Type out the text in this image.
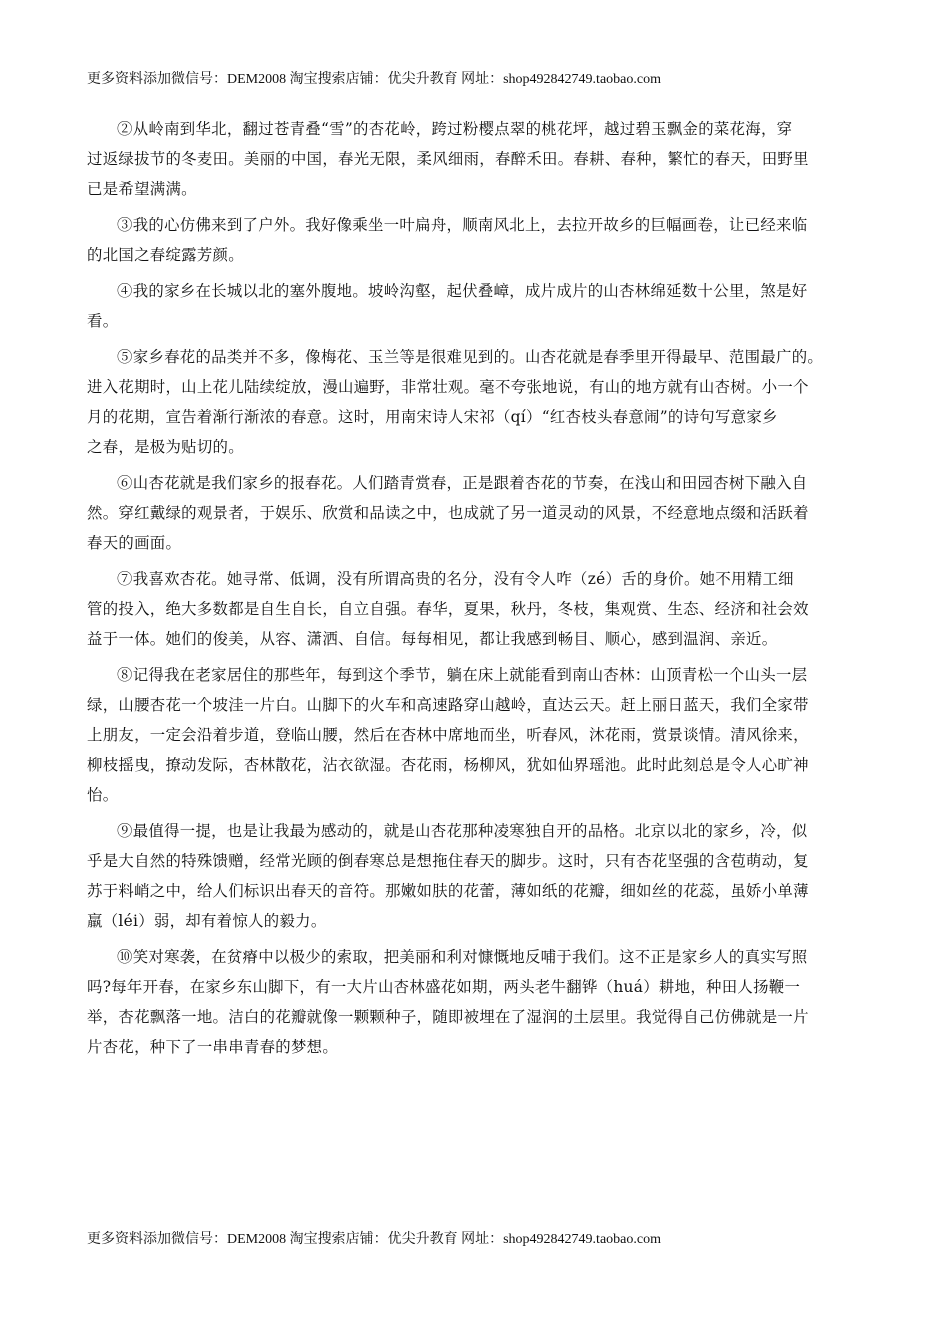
更多资料添加微信号：DEM2008 淘宝搜索店铺：优尖升教育 网址：shop492842749.taobao.com
②从岭南到华北，翻过苍青叠“雪”的杏花岭，跨过粉樱点翠的桃花坪，越过碧玉飘金的菜花海，穿
过返绿拔节的冬麦田。美丽的中国，春光无限，柔风细雨，春醉禾田。春耕、春种，繁忙的春天，田野里
已是希望满满。
③我的心仿佛来到了户外。我好像乘坐一叶扁舟，顺南风北上，去拉开故乡的巨幅画卷，让已经来临
的北国之春绽露芳颜。
④我的家乡在长城以北的塞外腹地。坡岭沟壑，起伏叠嶂，成片成片的山杏林绵延数十公里，煞是好
看。
⑤家乡春花的品类并不多，像梅花、玉兰等是很难见到的。山杏花就是春季里开得最早、范围最广的。
进入花期时，山上花儿陆续绽放，漫山遍野，非常壮观。毫不夸张地说，有山的地方就有山杏树。小一个
月的花期，宣告着渐行渐浓的春意。这时，用南宋诗人宋祁（qí）“红杏枝头春意闹”的诗句写意家乡
之春，是极为贴切的。
⑥山杏花就是我们家乡的报春花。人们踏青赏春，正是跟着杏花的节奏，在浅山和田园杏树下融入自
然。穿红戴绿的观景者，于娱乐、欣赏和品读之中，也成就了另一道灵动的风景，不经意地点缀和活跃着
春天的画面。
⑦我喜欢杏花。她寻常、低调，没有所谓高贵的名分，没有令人咋（zé）舌的身价。她不用精工细
管的投入，绝大多数都是自生自长，自立自强。春华，夏果，秋丹，冬枝，集观赏、生态、经济和社会效
益于一体。她们的俊美，从容、潇洒、自信。每每相见，都让我感到畅目、顺心，感到温润、亲近。
⑧记得我在老家居住的那些年，每到这个季节，躺在床上就能看到南山杏林：山顶青松一个山头一层
绿，山腰杏花一个坡洼一片白。山脚下的火车和高速路穿山越岭，直达云天。赶上丽日蓝天，我们全家带
上朋友，一定会沿着步道，登临山腰，然后在杏林中席地而坐，听春风，沐花雨，赏景谈情。清风徐来，
柳枝摇曳，撩动发际，杏林散花，沾衣欲湿。杏花雨，杨柳风，犹如仙界瑶池。此时此刻总是令人心旷神
怡。
⑨最值得一提，也是让我最为感动的，就是山杏花那种凌寒独自开的品格。北京以北的家乡，冷，似
乎是大自然的特殊馈赠，经常光顾的倒春寒总是想拖住春天的脚步。这时，只有杏花坚强的含苞萌动，复
苏于料峭之中，给人们标识出春天的音符。那嫩如肤的花蕾，薄如纸的花瓣，细如丝的花蕊，虽娇小单薄
羸（léi）弱，却有着惊人的毅力。
⑩笑对寒袭，在贫瘠中以极少的索取，把美丽和利对慷慨地反哺于我们。这不正是家乡人的真实写照
吗?每年开春，在家乡东山脚下，有一大片山杏林盛花如期，两头老牛翻铧（huá）耕地，种田人扬鞭一
举，杏花飘落一地。洁白的花瓣就像一颗颗种子，随即被埋在了湿润的土层里。我觉得自己仿佛就是一片
片杏花，种下了一串串青春的梦想。
更多资料添加微信号：DEM2008 淘宝搜索店铺：优尖升教育 网址：shop492842749.taobao.com
